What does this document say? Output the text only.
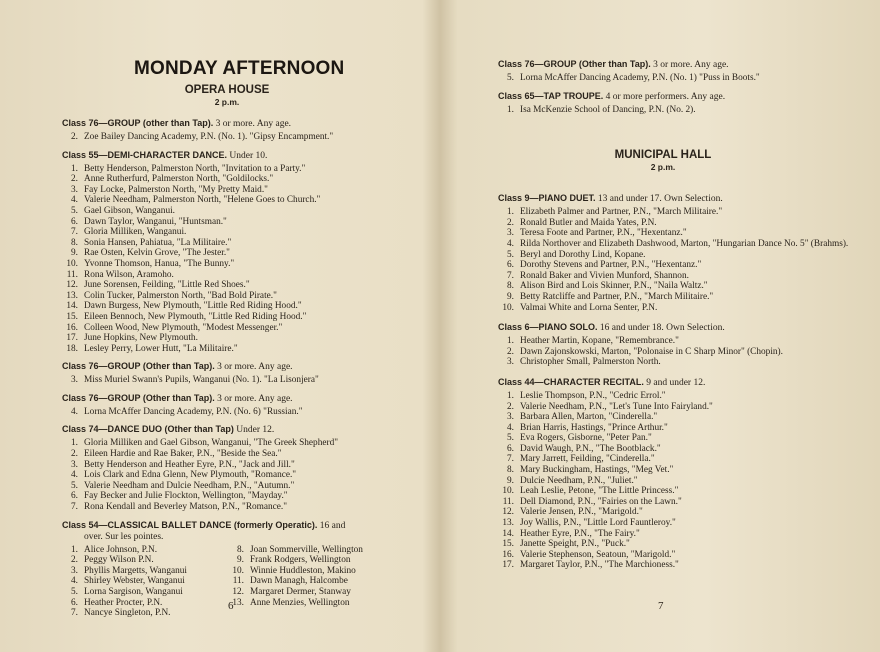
MONDAY AFTERNOON

OPERA HOUSE

2 p.m.

Class 76—GROUP (other than Tap). 3 or more. Any age.
2. Zoe Bailey Dancing Academy, P.N. (No. 1). "Gipsy Encampment."
Class 55—DEMI-CHARACTER DANCE. Under 10.
1. Betty Henderson, Palmerston North, "Invitation to a Party."
2. Anne Rutherfurd, Palmerston North, "Goldilocks."
3. Fay Locke, Palmerston North, "My Pretty Maid."
4. Valerie Needham, Palmerston North, "Helene Goes to Church."
5. Gael Gibson, Wanganui.
6. Dawn Taylor, Wanganui, "Huntsman."
7. Gloria Milliken, Wanganui.
8. Sonia Hansen, Pahiatua, "La Militaire."
9. Rae Osten, Kelvin Grove, "The Jester."
10. Yvonne Thomson, Hanua, "The Bunny."
11. Rona Wilson, Aramoho.
12. June Sorensen, Feilding, "Little Red Shoes."
13. Colin Tucker, Palmerston North, "Bad Bold Pirate."
14. Dawn Burgess, New Plymouth, "Little Red Riding Hood."
15. Eileen Bennoch, New Plymouth, "Little Red Riding Hood."
16. Colleen Wood, New Plymouth, "Modest Messenger."
17. June Hopkins, New Plymouth.
18. Lesley Perry, Lower Hutt, "La Militaire."
Class 76—GROUP (Other than Tap). 3 or more. Any age.
3. Miss Muriel Swann's Pupils, Wanganui (No. 1). "La Lisonjera"
Class 76—GROUP (Other than Tap). 3 or more. Any age.
4. Lorna McAffer Dancing Academy, P.N. (No. 6) "Russian."
Class 74—DANCE DUO (Other than Tap) Under 12.
1. Gloria Milliken and Gael Gibson, Wanganui, "The Greek Shepherd"
2. Eileen Hardie and Rae Baker, P.N., "Beside the Sea."
3. Betty Henderson and Heather Eyre, P.N., "Jack and Jill."
4. Lois Clark and Edna Glenn, New Plymouth, "Romance."
5. Valerie Needham and Dulcie Needham, P.N., "Autumn."
6. Fay Becker and Julie Flockton, Wellington, "Mayday."
7. Rona Kendall and Beverley Matson, P.N., "Romance."
Class 54—CLASSICAL BALLET DANCE (formerly Operatic). 16 and
over. Sur les pointes.
1. Alice Johnson, P.N.
2. Peggy Wilson P.N.
3. Phyllis Margetts, Wanganui
4. Shirley Webster, Wanganui
5. Lorna Sargison, Wanganui
6. Heather Procter, P.N.
7. Nancye Singleton, P.N.
8. Joan Sommerville, Wellington
9. Frank Rodgers, Wellington
10. Winnie Huddleston, Makino
11. Dawn Managh, Halcombe
12. Margaret Dermer, Stanway
13. Anne Menzies, Wellington
6
Class 76—GROUP (Other than Tap). 3 or more. Any age.
5. Lorna McAffer Dancing Academy, P.N. (No. 1) "Puss in Boots."
Class 65—TAP TROUPE. 4 or more performers. Any age.
1. Isa McKenzie School of Dancing, P.N. (No. 2).

MUNICIPAL HALL

2 p.m.

Class 9—PIANO DUET. 13 and under 17. Own Selection.
1. Elizabeth Palmer and Partner, P.N., "March Militaire."
2. Ronald Butler and Maida Yates, P.N.
3. Teresa Foote and Partner, P.N., "Hexentanz."
4. Rilda Northover and Elizabeth Dashwood, Marton, "Hungarian Dance No. 5" (Brahms).
5. Beryl and Dorothy Lind, Kopane.
6. Dorothy Stevens and Partner, P.N., "Hexentanz."
7. Ronald Baker and Vivien Munford, Shannon.
8. Alison Bird and Lois Skinner, P.N., "Naila Waltz."
9. Betty Ratcliffe and Partner, P.N., "March Militaire."
10. Valmai White and Lorna Senter, P.N.
Class 6—PIANO SOLO. 16 and under 18. Own Selection.
1. Heather Martin, Kopane, "Remembrance."
2. Dawn Zajonskowski, Marton, "Polonaise in C Sharp Minor" (Chopin).
3. Christopher Small, Palmerston North.
Class 44—CHARACTER RECITAL. 9 and under 12.
1. Leslie Thompson, P.N., "Cedric Errol."
2. Valerie Needham, P.N., "Let's Tune Into Fairyland."
3. Barbara Allen, Marton, "Cinderella."
4. Brian Harris, Hastings, "Prince Arthur."
5. Eva Rogers, Gisborne, "Peter Pan."
6. David Waugh, P.N., "The Bootblack."
7. Mary Jarrett, Feilding, "Cinderella."
8. Mary Buckingham, Hastings, "Meg Vet."
9. Dulcie Needham, P.N., "Juliet."
10. Leah Leslie, Petone, "The Little Princess."
11. Dell Diamond, P.N., "Fairies on the Lawn."
12. Valerie Jensen, P.N., "Marigold."
13. Joy Wallis, P.N., "Little Lord Fauntleroy."
14. Heather Eyre, P.N., "The Fairy."
15. Janette Speight, P.N., "Puck."
16. Valerie Stephenson, Seatoun, "Marigold."
17. Margaret Taylor, P.N., "The Marchioness."
7
